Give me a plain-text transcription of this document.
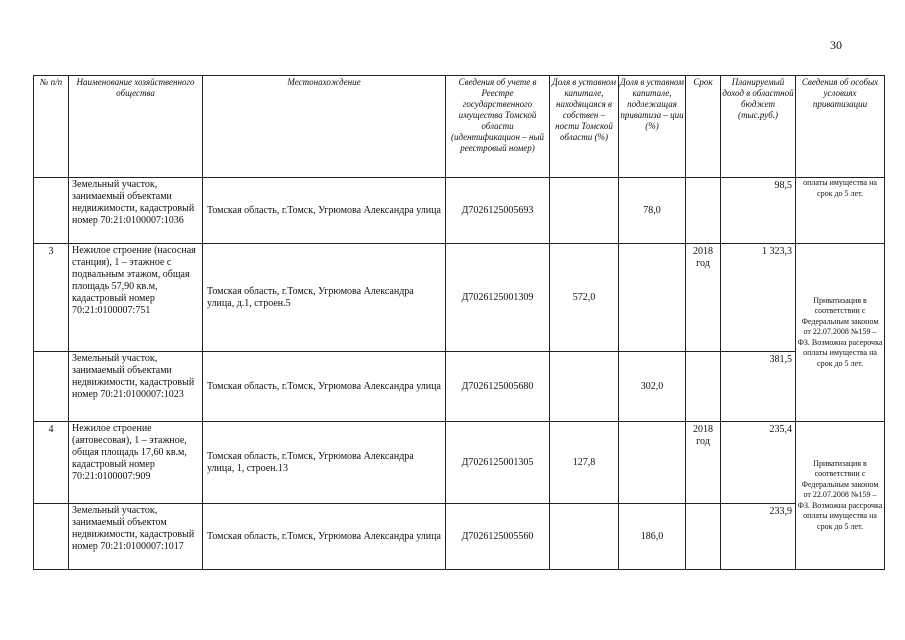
30
№ п/п	Наименование хозяйственного общества	Местонахождение	Сведения об учете в Реестре государственного имущества Томской области (идентификацион – ный реестровый номер)	Доля в уставном капитале, находящаяся в собствен – ности Томской области (%)	Доля в уставном капитале, подлежащая приватиза – ции (%)	Срок	Планируемый доход в областной бюджет (тыс.руб.)	Сведения об особых условиях приватизации
	Земельный участок, занимаемый объектами недвижимости, кадастровый номер 70:21:0100007:1036	Томская область, г.Томск, Угрюмова Александра улица	Д7026125005693		78,0		98,5	оплаты имущества на срок до 5 лет.
3	Нежилое строение (насосная станция), 1 – этажное с подвальным этажом, общая площадь 57,90 кв.м, кадастровый номер 70:21:0100007:751	Томская область, г.Томск, Угрюмова Александра улица, д.1, строен.5	Д7026125001309	572,0		2018 год	1 323,3	Приватизация в соответствии с Федеральным законом от 22.07.2008 №159 – ФЗ. Возможна расерочка оплаты имущества на срок до 5 лет.
	Земельный участок, занимаемый объектами недвижимости, кадастровый номер 70:21:0100007:1023	Томская область, г.Томск, Угрюмова Александра улица	Д7026125005680		302,0		381,5	
4	Нежилое строение (автовесовая), 1 – этажное, общая площадь 17,60 кв.м, кадастровый номер 70:21:0100007:909	Томская область, г.Томск, Угрюмова Александра улица, 1, строен.13	Д7026125001305	127,8		2018 год	235,4	Приватизация в соответствии с Федеральным законом от 22.07.2008 №159 – ФЗ. Возможна рассрочка оплаты имущества на срок до 5 лет.
	Земельный участок, занимаемый объектом недвижимости, кадастровый номер 70:21:0100007:1017	Томская область, г.Томск, Угрюмова Александра улица	Д7026125005560		186,0		233,9	
